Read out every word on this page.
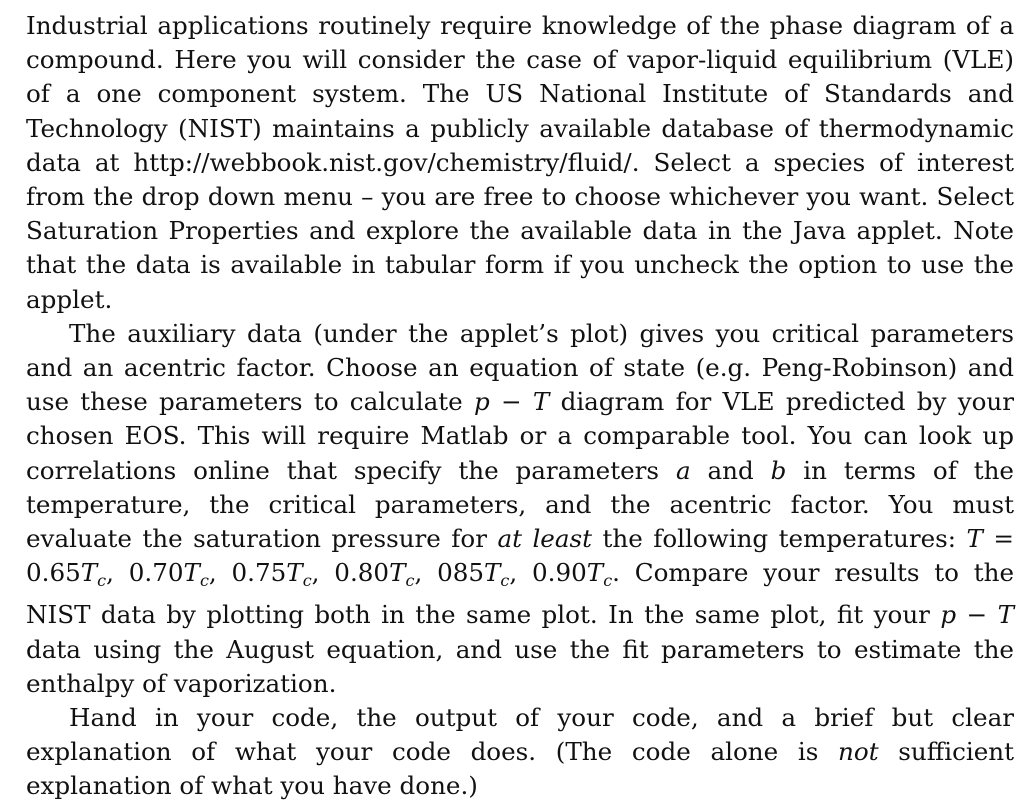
Industrial applications routinely require knowledge of the phase diagram of a compound. Here you will consider the case of vapor-liquid equilibrium (VLE) of a one component system. The US National Institute of Standards and Technology (NIST) maintains a publicly available database of thermodynamic data at http://webbook.nist.gov/chemistry/fluid/. Select a species of interest from the drop down menu – you are free to choose whichever you want. Select Saturation Properties and explore the available data in the Java applet. Note that the data is available in tabular form if you uncheck the option to use the applet.

The auxiliary data (under the applet’s plot) gives you critical parameters and an acentric factor. Choose an equation of state (e.g. Peng-Robinson) and use these parameters to calculate p − T diagram for VLE predicted by your chosen EOS. This will require Matlab or a comparable tool. You can look up correlations online that specify the parameters a and b in terms of the temperature, the critical parameters, and the acentric factor. You must evaluate the saturation pressure for at least the following temperatures: $T = 0.65T_c$, $0.70T_c$, $0.75T_c$, $0.80T_c$, $085T_c$, $0.90T_c$. Compare your results to the NIST data by plotting both in the same plot. In the same plot, fit your p − T data using the August equation, and use the fit parameters to estimate the enthalpy of vaporization.

Hand in your code, the output of your code, and a brief but clear explanation of what your code does. (The code alone is not sufficient explanation of what you have done.)
